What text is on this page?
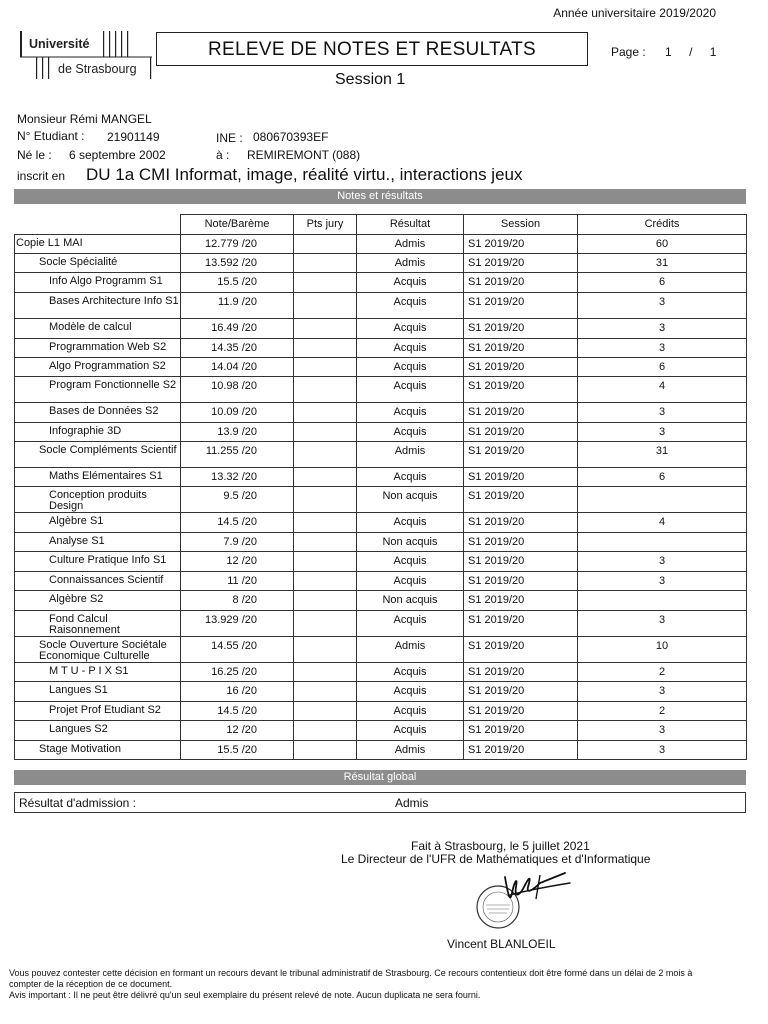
Année universitaire 2019/2020
Université
de Strasbourg
RELEVE DE NOTES ET RESULTATS	Page : 1 / 1
Session 1
Monsieur Rémi MANGEL
N° Etudiant : 21901149	INE : 080670393EF
Né le : 6 septembre 2002	à : REMIREMONT (088)
inscrit en DU 1a CMI Informat, image, réalité virtu., interactions jeux
Notes et résultats
	Note/Barème	Pts jury	Résultat	Session	Crédits
Copie L1 MAI	12.779 /20		Admis	S1 2019/20	60
Socle Spécialité	13.592 /20		Admis	S1 2019/20	31
Info Algo Programm S1	15.5 /20		Acquis	S1 2019/20	6
Bases Architecture Info S1	11.9 /20		Acquis	S1 2019/20	3
Modèle de calcul	16.49 /20		Acquis	S1 2019/20	3
Programmation Web S2	14.35 /20		Acquis	S1 2019/20	3
Algo Programmation S2	14.04 /20		Acquis	S1 2019/20	6
Program Fonctionnelle S2	10.98 /20		Acquis	S1 2019/20	4
Bases de Données S2	10.09 /20		Acquis	S1 2019/20	3
Infographie 3D	13.9 /20		Acquis	S1 2019/20	3
Socle Compléments Scientif	11.255 /20		Admis	S1 2019/20	31
Maths Elémentaires S1	13.32 /20		Acquis	S1 2019/20	6
Conception produits Design	9.5 /20		Non acquis	S1 2019/20	
Algèbre S1	14.5 /20		Acquis	S1 2019/20	4
Analyse S1	7.9 /20		Non acquis	S1 2019/20	
Culture Pratique Info S1	12 /20		Acquis	S1 2019/20	3
Connaissances Scientif	11 /20		Acquis	S1 2019/20	3
Algèbre S2	8 /20		Non acquis	S1 2019/20	
Fond Calcul Raisonnement	13.929 /20		Acquis	S1 2019/20	3
Socle Ouverture Sociétale Economique Culturelle	14.55 /20		Admis	S1 2019/20	10
M T U - P I X S1	16.25 /20		Acquis	S1 2019/20	2
Langues S1	16 /20		Acquis	S1 2019/20	3
Projet Prof Etudiant S2	14.5 /20		Acquis	S1 2019/20	2
Langues S2	12 /20		Acquis	S1 2019/20	3
Stage Motivation	15.5 /20		Admis	S1 2019/20	3
Résultat global
Résultat d'admission :	Admis
Fait à Strasbourg, le 5 juillet 2021
Le Directeur de l'UFR de Mathématiques et d'Informatique
Vincent BLANLOEIL
Vous pouvez contester cette décision en formant un recours devant le tribunal administratif de Strasbourg. Ce recours contentieux doit être formé dans un délai de 2 mois à compter de la réception de ce document.
Avis important : Il ne peut être délivré qu'un seul exemplaire du présent relevé de note. Aucun duplicata ne sera fourni.
